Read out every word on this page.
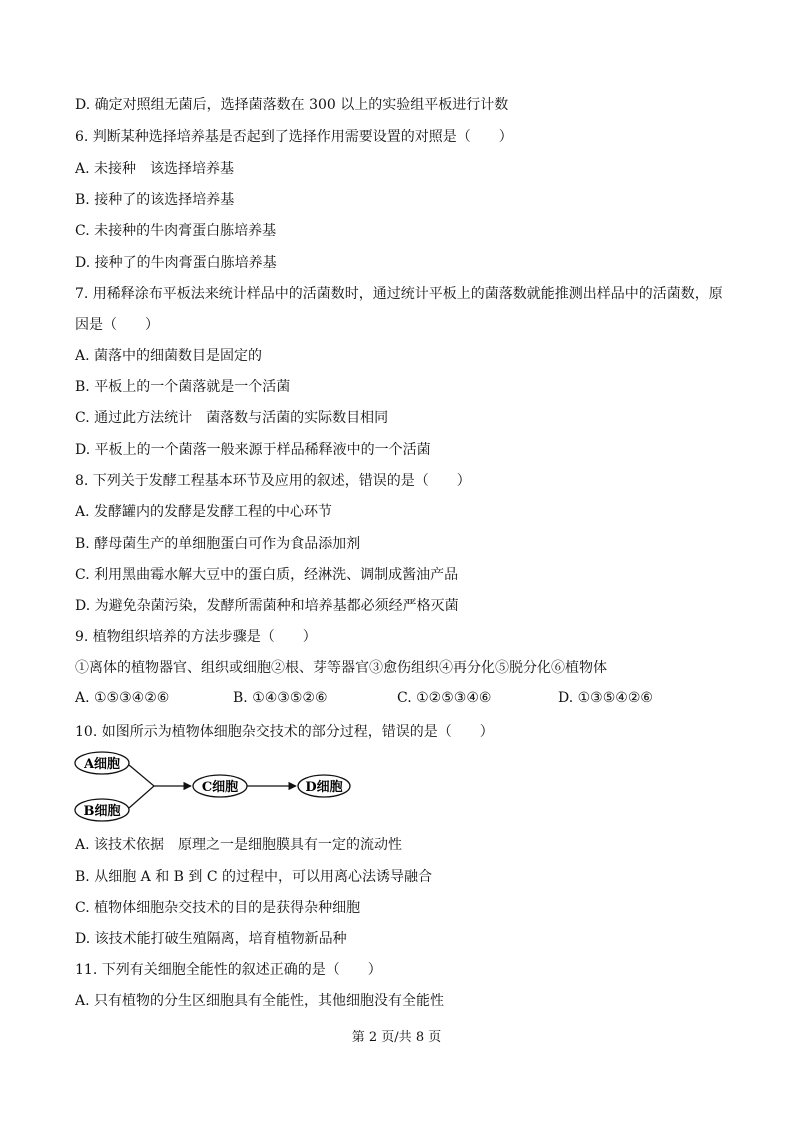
D. 确定对照组无菌后，选择菌落数在 300 以上的实验组平板进行计数
6. 判断某种选择培养基是否起到了选择作用需要设置的对照是（　　）
A. 未接种　该选择培养基
B. 接种了的该选择培养基
C. 未接种的牛肉膏蛋白胨培养基
D. 接种了的牛肉膏蛋白胨培养基
7. 用稀释涂布平板法来统计样品中的活菌数时，通过统计平板上的菌落数就能推测出样品中的活菌数，原
因是（　　）
A. 菌落中的细菌数目是固定的
B. 平板上的一个菌落就是一个活菌
C. 通过此方法统计　菌落数与活菌的实际数目相同
D. 平板上的一个菌落一般来源于样品稀释液中的一个活菌
8. 下列关于发酵工程基本环节及应用的叙述，错误的是（　　）
A. 发酵罐内的发酵是发酵工程的中心环节
B. 酵母菌生产的单细胞蛋白可作为食品添加剂
C. 利用黑曲霉水解大豆中的蛋白质，经淋洗、调制成酱油产品
D. 为避免杂菌污染，发酵所需菌种和培养基都必须经严格灭菌
9. 植物组织培养的方法步骤是（　　）
①离体的植物器官、组织或细胞②根、芽等器官③愈伤组织④再分化⑤脱分化⑥植物体
A. ①⑤③④②⑥	B. ①④③⑤②⑥	C. ①②⑤③④⑥	D. ①③⑤④②⑥
10. 如图所示为植物体细胞杂交技术的部分过程，错误的是（　　）
A细胞
B细胞
C细胞	D细胞
A. 该技术依据　原理之一是细胞膜具有一定的流动性
B. 从细胞 A 和 B 到 C 的过程中，可以用离心法诱导融合
C. 植物体细胞杂交技术的目的是获得杂种细胞
D. 该技术能打破生殖隔离，培育植物新品种
11. 下列有关细胞全能性的叙述正确的是（　　）
A. 只有植物的分生区细胞具有全能性，其他细胞没有全能性
第 2 页/共 8 页
